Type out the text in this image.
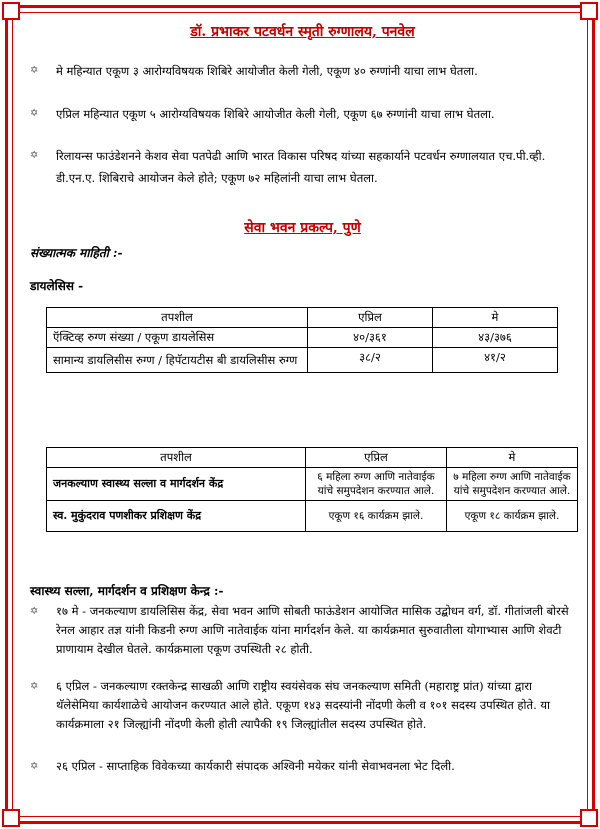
डॉ. प्रभाकर पटवर्धन स्मृती रुग्णालय, पनवेल
✡ मे महिन्यात एकूण ३ आरोग्यविषयक शिबिरे आयोजीत केली गेली, एकूण ४० रुग्णांनी याचा लाभ घेतला.
✡ एप्रिल महिन्यात एकूण ५ आरोग्यविषयक शिबिरे आयोजीत केली गेली, एकूण ६७ रुग्णांनी याचा लाभ घेतला.
✡ रिलायन्स फाउंडेशनने केशव सेवा पतपेढी आणि भारत विकास परिषद यांच्या सहकार्याने पटवर्धन रुग्णालयात एच.पी.व्ही. डी.एन.ए. शिबिराचे आयोजन केले होते; एकूण ७२ महिलांनी याचा लाभ घेतला.
सेवा भवन प्रकल्प, पुणे
संख्यात्मक माहिती :-
डायलेसिस -
तपशील	एप्रिल	मे
ऍक्टिव्ह रुग्ण संख्या / एकूण डायलेसिस	४०/३६१	४३/३७६
सामान्य डायलिसीस रुग्ण / हिपॅटायटीस बी डायलिसीस रुग्ण	३८/२	४१/२
तपशील	एप्रिल	मे
जनकल्याण स्वास्थ्य सल्ला व मार्गदर्शन केंद्र	६ महिला रुग्ण आणि नातेवाईक यांचे समुपदेशन करण्यात आले.	७ महिला रुग्ण आणि नातेवाईक यांचे समुपदेशन करण्यात आले.
स्व. मुकुंदराव पणशीकर प्रशिक्षण केंद्र	एकूण १६ कार्यक्रम झाले.	एकूण १८ कार्यक्रम झाले.
स्वास्थ्य सल्ला, मार्गदर्शन व प्रशिक्षण केन्द्र :-
✡ १७ मे - जनकल्याण डायलिसिस केंद्र, सेवा भवन आणि सोबती फाऊंडेशन आयोजित मासिक उद्बोधन वर्ग, डॉ. गीतांजली बोरसे रेनल आहार तज्ञ यांनी किडनी रुग्ण आणि नातेवाईक यांना मार्गदर्शन केले. या कार्यक्रमात सुरुवातीला योगाभ्यास आणि शेवटी प्राणायाम देखील घेतले. कार्यक्रमाला एकूण उपस्थिती २८ होती.
✡ ६ एप्रिल - जनकल्याण रक्तकेन्द्र साखळी आणि राष्ट्रीय स्वयंसेवक संघ जनकल्याण समिती (महाराष्ट्र प्रांत) यांच्या द्वारा थॅलेसेमिया कार्यशाळेचे आयोजन करण्यात आले होते. एकूण १४३ सदस्यांनी नोंदणी केली व १०१ सदस्य उपस्थित होते. या कार्यक्रमाला २१ जिल्ह्यांनी नोंदणी केली होती त्यापैकी १९ जिल्ह्यांतील सदस्य उपस्थित होते.
✡ २६ एप्रिल - साप्ताहिक विवेकच्या कार्यकारी संपादक अश्विनी मयेकर यांनी सेवाभवनला भेट दिली.
